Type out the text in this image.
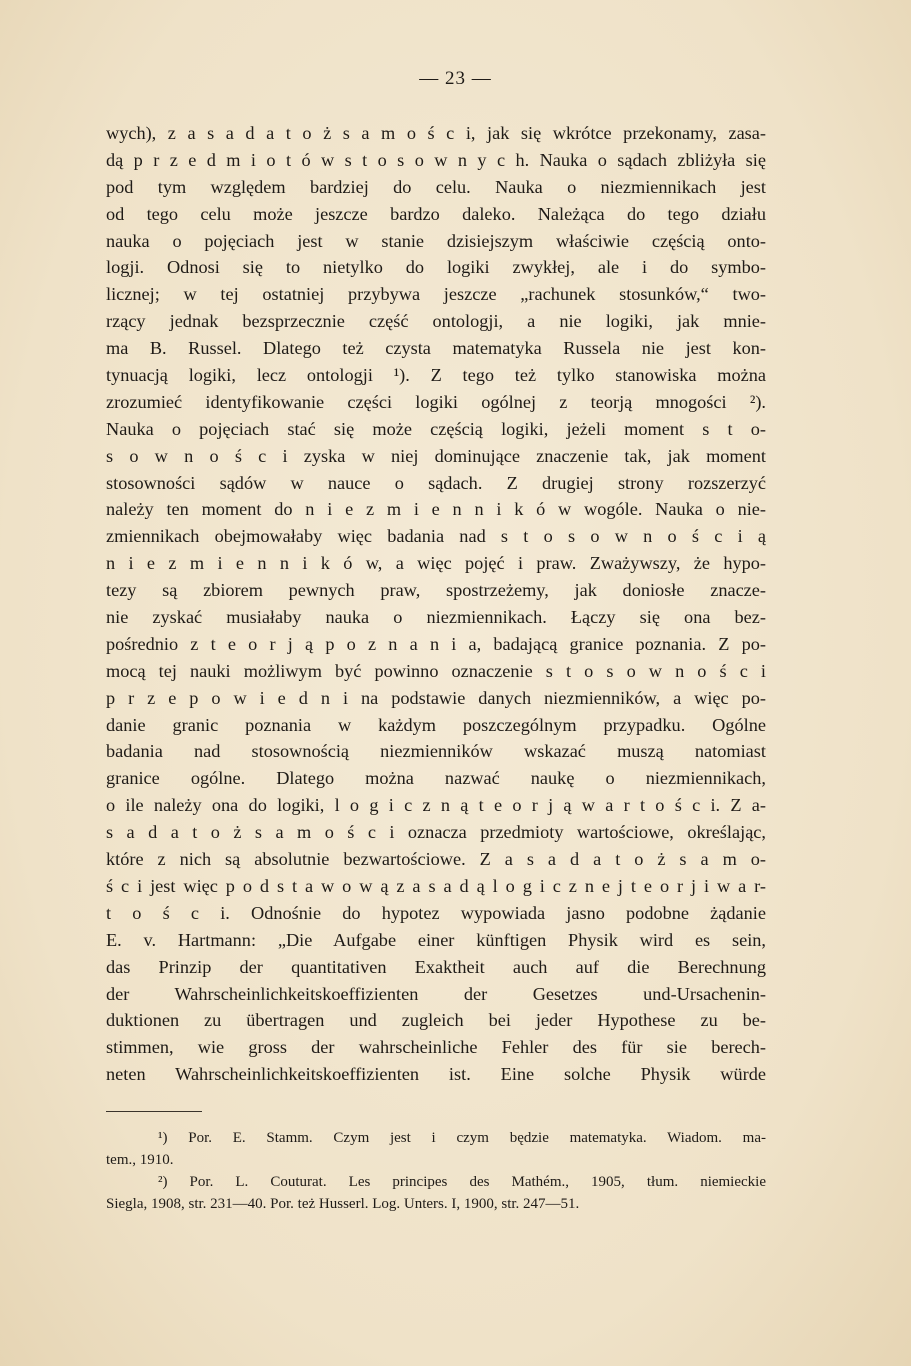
— 23 —
wych), z a s a d a t o ż s a m o ś c i, jak się wkrótce przekonamy, zasa-
dą p r z e d m i o t ó w s t o s o w n y c h. Nauka o sądach zbliżyła się
pod tym względem bardziej do celu. Nauka o niezmiennikach jest
od tego celu może jeszcze bardzo daleko. Należąca do tego działu
nauka o pojęciach jest w stanie dzisiejszym właściwie częścią onto-
logji. Odnosi się to nietylko do logiki zwykłej, ale i do symbo-
licznej; w tej ostatniej przybywa jeszcze „rachunek stosunków,“ two-
rzący jednak bezsprzecznie część ontologji, a nie logiki, jak mnie-
ma B. Russel. Dlatego też czysta matematyka Russela nie jest kon-
tynuacją logiki, lecz ontologji ¹). Z tego też tylko stanowiska można
zrozumieć identyfikowanie części logiki ogólnej z teorją mnogości ²).
Nauka o pojęciach stać się może częścią logiki, jeżeli moment s t o-
s o w n o ś c i zyska w niej dominujące znaczenie tak, jak moment
stosowności sądów w nauce o sądach. Z drugiej strony rozszerzyć
należy ten moment do n i e z m i e n n i k ó w wogóle. Nauka o nie-
zmiennikach obejmowałaby więc badania nad s t o s o w n o ś c i ą
n i e z m i e n n i k ó w, a więc pojęć i praw. Zważywszy, że hypo-
tezy są zbiorem pewnych praw, spostrzeżemy, jak doniosłe znacze-
nie zyskać musiałaby nauka o niezmiennikach. Łączy się ona bez-
pośrednio z t e o r j ą p o z n a n i a, badającą granice poznania. Z po-
mocą tej nauki możliwym być powinno oznaczenie s t o s o w n o ś c i
p r z e p o w i e d n i na podstawie danych niezmienników, a więc po-
danie granic poznania w każdym poszczególnym przypadku. Ogólne
badania nad stosownością niezmienników wskazać muszą natomiast
granice ogólne. Dlatego można nazwać naukę o niezmiennikach,
o ile należy ona do logiki, l o g i c z n ą t e o r j ą w a r t o ś c i. Z a-
s a d a t o ż s a m o ś c i oznacza przedmioty wartościowe, określając,
które z nich są absolutnie bezwartościowe. Z a s a d a t o ż s a m o-
ś c i jest więc p o d s t a w o w ą z a s a d ą l o g i c z n e j t e o r j i w a r-
t o ś c i. Odnośnie do hypotez wypowiada jasno podobne żądanie
E. v. Hartmann: „Die Aufgabe einer künftigen Physik wird es sein,
das Prinzip der quantitativen Exaktheit auch auf die Berechnung
der Wahrscheinlichkeitskoeffizienten der Gesetzes und-Ursachenin-
duktionen zu übertragen und zugleich bei jeder Hypothese zu be-
stimmen, wie gross der wahrscheinliche Fehler des für sie berech-
neten Wahrscheinlichkeitskoeffizienten ist. Eine solche Physik würde
¹) Por. E. Stamm. Czym jest i czym będzie matematyka. Wiadom. ma-
tem., 1910.
²) Por. L. Couturat. Les principes des Mathém., 1905, tłum. niemieckie
Siegla, 1908, str. 231—40. Por. też Husserl. Log. Unters. I, 1900, str. 247—51.
